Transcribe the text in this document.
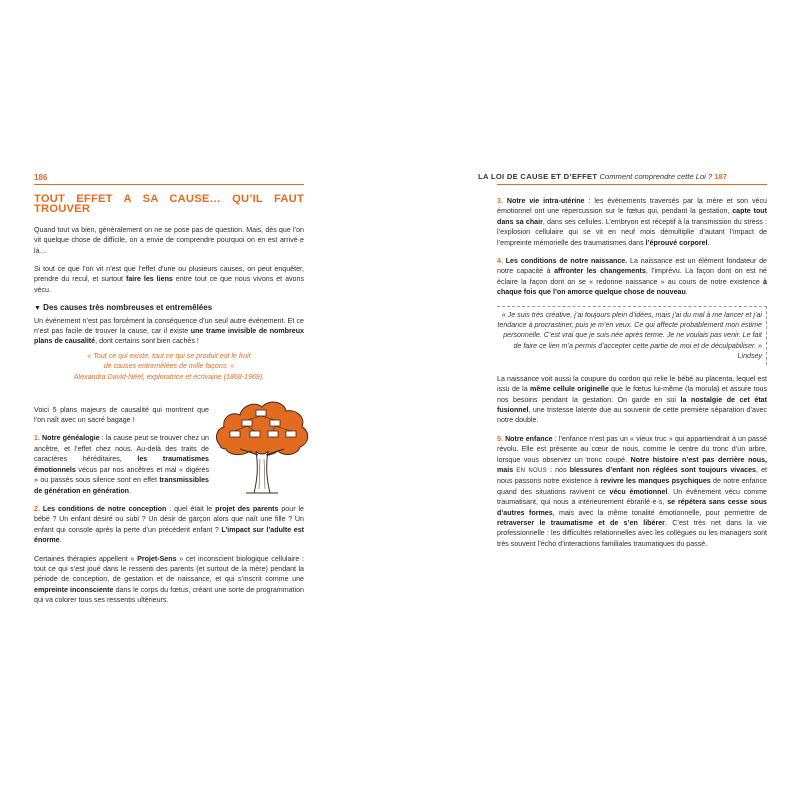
186
TOUT EFFET A SA CAUSE… QU’IL FAUT TROUVER

Quand tout va bien, généralement on ne se pose pas de question. Mais, dès que l’on vit quelque chose de difficile, on a envie de comprendre pourquoi on en est arrivé·e là…

Si tout ce que l’on vit n’est que l’effet d’une ou plusieurs causes, on peut enquêter, prendre du recul, et surtout faire les liens entre tout ce que nous vivons et avons vécu.

▼ Des causes très nombreuses et entremêlées

Un événement n’est pas forcément la conséquence d’un seul autre événement. Et ce n’est pas facile de trouver la cause, car il existe une trame invisible de nombreux plans de causalité, dont certains sont bien cachés !

« Tout ce qui existe, tout ce qui se produit est le fruit
de causes entremêlées de mille façons. »
Alexandra David-Néel, exploratrice et écrivaine (1868-1969).

Voici 5 plans majeurs de causalité qui montrent que l’on naît avec un sacré bagage !

1. Notre généalogie : la cause peut se trouver chez un ancêtre, et l’effet chez nous. Au-delà des traits de caractères héréditaires, les traumatismes émotionnels vécus par nos ancêtres et mal « digérés » ou passés sous silence sont en effet transmissibles de génération en génération.

2. Les conditions de notre conception : quel était le projet des parents pour le bébé ? Un enfant désiré ou subi ? Un désir de garçon alors que naît une fille ? Un enfant qui console après la perte d’un précédent enfant ? L’impact sur l’adulte est énorme.

Certaines thérapies appellent « Projet-Sens » cet inconscient biologique cellulaire : tout ce qui s’est joué dans le ressenti des parents (et surtout de la mère) pendant la période de conception, de gestation et de naissance, et qui s’inscrit comme une empreinte inconsciente dans le corps du fœtus, créant une sorte de programmation qui va colorer tous ses ressentis ultérieurs.

LA LOI DE CAUSE ET D’EFFET Comment comprendre cette Loi ? 187

3. Notre vie intra-utérine : les événements traversés par la mère et son vécu émotionnel ont une répercussion sur le fœtus qui, pendant la gestation, capte tout dans sa chair, dans ses cellules. L’embryon est réceptif à la transmission du stress : l’explosion cellulaire qui se vit en neuf mois démultiplie d’autant l’impact de l’empreinte mémorielle des traumatismes dans l’éprouvé corporel.

4. Les conditions de notre naissance. La naissance est un élément fondateur de notre capacité à affronter les changements, l’imprévu. La façon dont on est né éclaire la façon dont on se « redonne naissance » au cours de notre existence à chaque fois que l’on amorce quelque chose de nouveau.

« Je suis très créative, j’ai toujours plein d’idées, mais j’ai du mal à me lancer et j’ai tendance à procrastiner, puis je m’en veux. Ce qui affecte probablement mon estime personnelle. C’est vrai que je suis née après terme. Je ne voulais pas venir. Le fait de faire ce lien m’a permis d’accepter cette partie de moi et de déculpabiliser. »
Lindsey

La naissance voit aussi la coupure du cordon qui relie le bébé au placenta, lequel est issu de la même cellule originelle que le fœtus lui-même (la morula) et assure tous nos besoins pendant la gestation. On garde en soi la nostalgie de cet état fusionnel, une tristesse latente due au souvenir de cette première séparation d’avec notre double.

5. Notre enfance : l’enfance n’est pas un « vieux truc » qui appartiendrait à un passé révolu. Elle est présente au cœur de nous, comme le centre du tronc d’un arbre, lorsque vous observez un tronc coupé. Notre histoire n’est pas derrière nous, mais EN NOUS : nos blessures d’enfant non réglées sont toujours vivaces, et nous passons notre existence à revivre les manques psychiques de notre enfance quand des situations ravivent ce vécu émotionnel. Un événement vécu comme traumatisant, qui nous a intérieurement ébranlé·e·s, se répétera sans cesse sous d’autres formes, mais avec la même tonalité émotionnelle, pour permettre de retraverser le traumatisme et de s’en libérer. C’est très net dans la vie professionnelle : les difficultés relationnelles avec les collègues ou les managers sont très souvent l’écho d’interactions familiales traumatiques du passé.
